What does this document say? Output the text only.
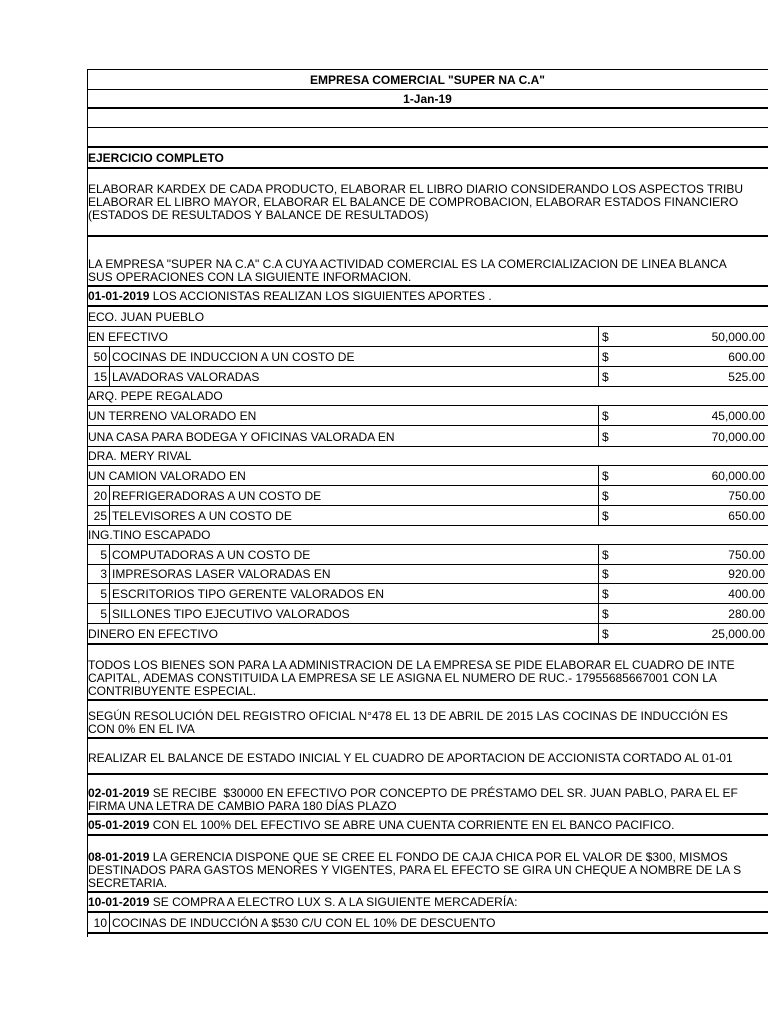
EMPRESA COMERCIAL "SUPER NA C.A"
1-Jan-19
EJERCICIO COMPLETO
ELABORAR KARDEX DE CADA PRODUCTO, ELABORAR EL LIBRO DIARIO CONSIDERANDO LOS ASPECTOS TRIBU
ELABORAR EL LIBRO MAYOR, ELABORAR EL BALANCE DE COMPROBACION, ELABORAR ESTADOS FINANCIERO
(ESTADOS DE RESULTADOS Y BALANCE DE RESULTADOS)
LA EMPRESA "SUPER NA C.A" C.A CUYA ACTIVIDAD COMERCIAL ES LA COMERCIALIZACION DE LINEA BLANCA
SUS OPERACIONES CON LA SIGUIENTE INFORMACION.
01-01-2019 LOS ACCIONISTAS REALIZAN LOS SIGUIENTES APORTES .
ECO. JUAN PUEBLO
EN EFECTIVO	$	50,000.00
50 COCINAS DE INDUCCION A UN COSTO DE	$	600.00
15 LAVADORAS VALORADAS	$	525.00
ARQ. PEPE REGALADO
UN TERRENO VALORADO EN	$	45,000.00
UNA CASA PARA BODEGA Y OFICINAS VALORADA EN	$	70,000.00
DRA. MERY RIVAL
UN CAMION VALORADO EN	$	60,000.00
20 REFRIGERADORAS A UN COSTO DE	$	750.00
25 TELEVISORES A UN COSTO DE	$	650.00
ING.TINO ESCAPADO
5 COMPUTADORAS A UN COSTO DE	$	750.00
3 IMPRESORAS LASER VALORADAS EN	$	920.00
5 ESCRITORIOS TIPO GERENTE VALORADOS EN	$	400.00
5 SILLONES TIPO EJECUTIVO VALORADOS	$	280.00
DINERO EN EFECTIVO	$	25,000.00
TODOS LOS BIENES SON PARA LA ADMINISTRACION DE LA EMPRESA SE PIDE ELABORAR EL CUADRO DE INTE
CAPITAL, ADEMAS CONSTITUIDA LA EMPRESA SE LE ASIGNA EL NUMERO DE RUC.- 17955685667001 CON LA
CONTRIBUYENTE ESPECIAL.
SEGÚN RESOLUCIÓN DEL REGISTRO OFICIAL N°478 EL 13 DE ABRIL DE 2015 LAS COCINAS DE INDUCCIÓN ES
CON 0% EN EL IVA
REALIZAR EL BALANCE DE ESTADO INICIAL Y EL CUADRO DE APORTACION DE ACCIONISTA CORTADO AL 01-01
02-01-2019 SE RECIBE  $30000 EN EFECTIVO POR CONCEPTO DE PRÉSTAMO DEL SR. JUAN PABLO, PARA EL EF
FIRMA UNA LETRA DE CAMBIO PARA 180 DÍAS PLAZO
05-01-2019 CON EL 100% DEL EFECTIVO SE ABRE UNA CUENTA CORRIENTE EN EL BANCO PACIFICO.
08-01-2019 LA GERENCIA DISPONE QUE SE CREE EL FONDO DE CAJA CHICA POR EL VALOR DE $300, MISMOS
DESTINADOS PARA GASTOS MENORES Y VIGENTES, PARA EL EFECTO SE GIRA UN CHEQUE A NOMBRE DE LA S
SECRETARIA.
10-01-2019 SE COMPRA A ELECTRO LUX S. A LA SIGUIENTE MERCADERÍA:
10 COCINAS DE INDUCCIÓN A $530 C/U CON EL 10% DE DESCUENTO
